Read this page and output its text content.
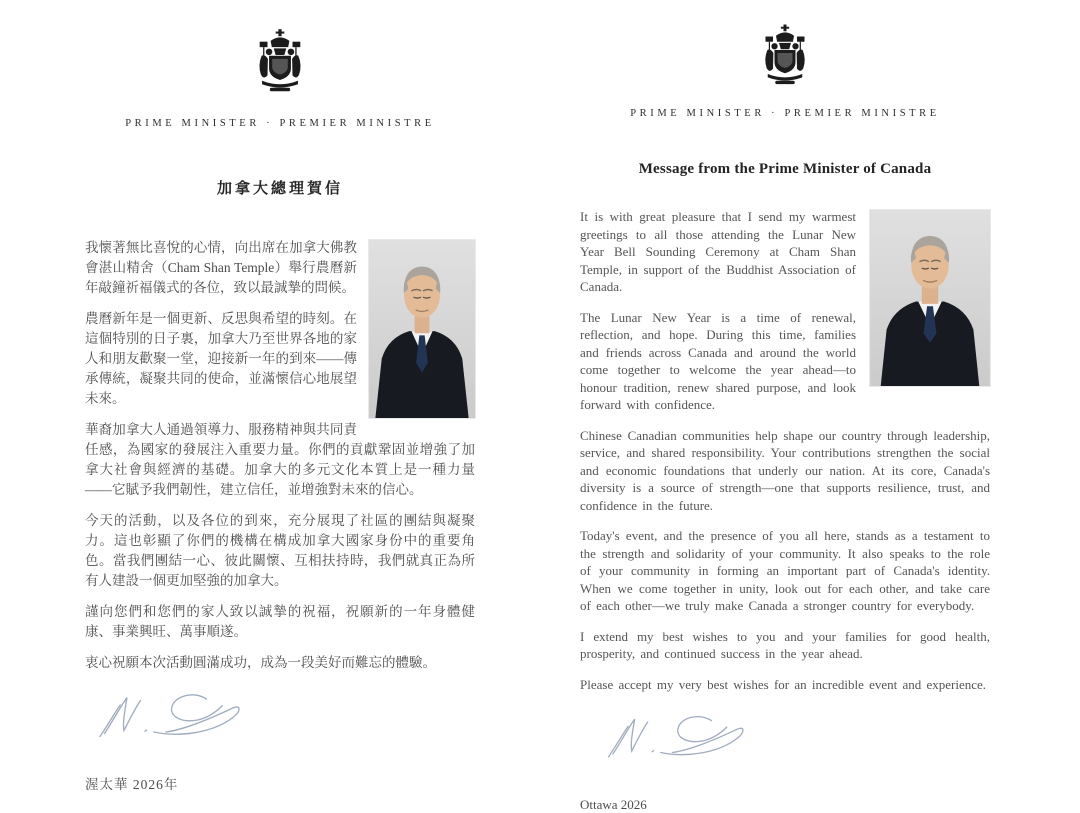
PRIME MINISTER · PREMIER MINISTRE
加拿大總理賀信

我懷著無比喜悅的心情，向出席在加拿大佛教會湛山精舍（Cham Shan Temple）舉行農曆新年敲鐘祈福儀式的各位，致以最誠摯的問候。

農曆新年是一個更新、反思與希望的時刻。在這個特別的日子裏，加拿大乃至世界各地的家人和朋友歡聚一堂，迎接新一年的到來——傳承傳統，凝聚共同的使命，並滿懷信心地展望未來。

華裔加拿大人通過領導力、服務精神與共同責任感，為國家的發展注入重要力量。你們的貢獻鞏固並增強了加拿大社會與經濟的基礎。加拿大的多元文化本質上是一種力量——它賦予我們韌性，建立信任，並增強對未來的信心。

今天的活動，以及各位的到來，充分展現了社區的團結與凝聚力。這也彰顯了你們的機構在構成加拿大國家身份中的重要角色。當我們團結一心、彼此關懷、互相扶持時，我們就真正為所有人建設一個更加堅強的加拿大。

謹向您們和您們的家人致以誠摯的祝福，祝願新的一年身體健康、事業興旺、萬事順遂。

衷心祝願本次活動圓滿成功，成為一段美好而難忘的體驗。

渥太華 2026年
PRIME MINISTER · PREMIER MINISTRE
Message from the Prime Minister of Canada

It is with great pleasure that I send my warmest greetings to all those attending the Lunar New Year Bell Sounding Ceremony at Cham Shan Temple, in support of the Buddhist Association of Canada.

The Lunar New Year is a time of renewal, reflection, and hope. During this time, families and friends across Canada and around the world come together to welcome the year ahead—to honour tradition, renew shared purpose, and look forward with confidence.

Chinese Canadian communities help shape our country through leadership, service, and shared responsibility. Your contributions strengthen the social and economic foundations that underly our nation. At its core, Canada's diversity is a source of strength—one that supports resilience, trust, and confidence in the future.

Today's event, and the presence of you all here, stands as a testament to the strength and solidarity of your community. It also speaks to the role of your community in forming an important part of Canada's identity. When we come together in unity, look out for each other, and take care of each other—we truly make Canada a stronger country for everybody.

I extend my best wishes to you and your families for good health, prosperity, and continued success in the year ahead.

Please accept my very best wishes for an incredible event and experience.

Ottawa 2026
